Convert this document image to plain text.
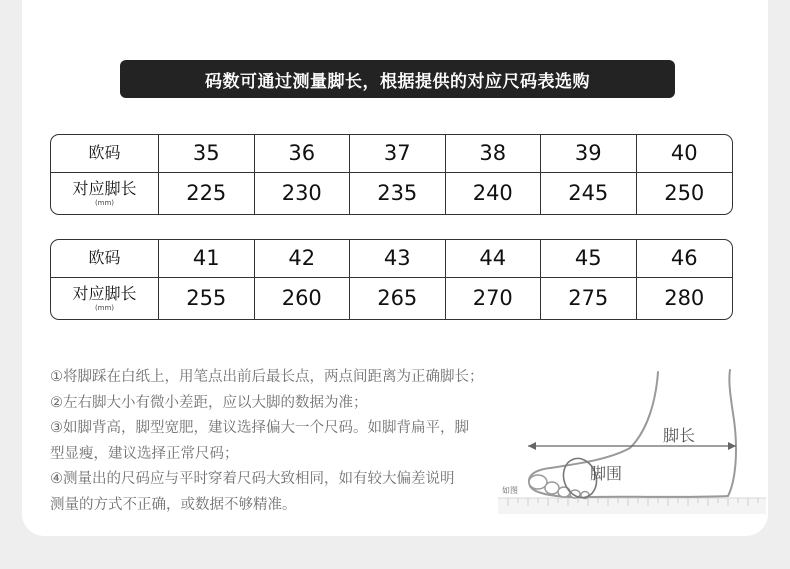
码数可通过测量脚长，根据提供的对应尺码表选购
欧码	35	36	37	38	39	40

对应脚长
(mm)	225	230	235	240	245	250
欧码	41	42	43	44	45	46

对应脚长
(mm)	255	260	265	270	275	280

①将脚踩在白纸上，用笔点出前后最长点，两点间距离为正确脚长；

②左右脚大小有微小差距，应以大脚的数据为准；

③如脚背高，脚型宽肥，建议选择偏大一个尺码。如脚背扁平，脚

型显瘦，建议选择正常尺码；

④测量出的尺码应与平时穿着尺码大致相同，如有较大偏差说明

测量的方式不正确，或数据不够精准。

脚长
脚围
如图
